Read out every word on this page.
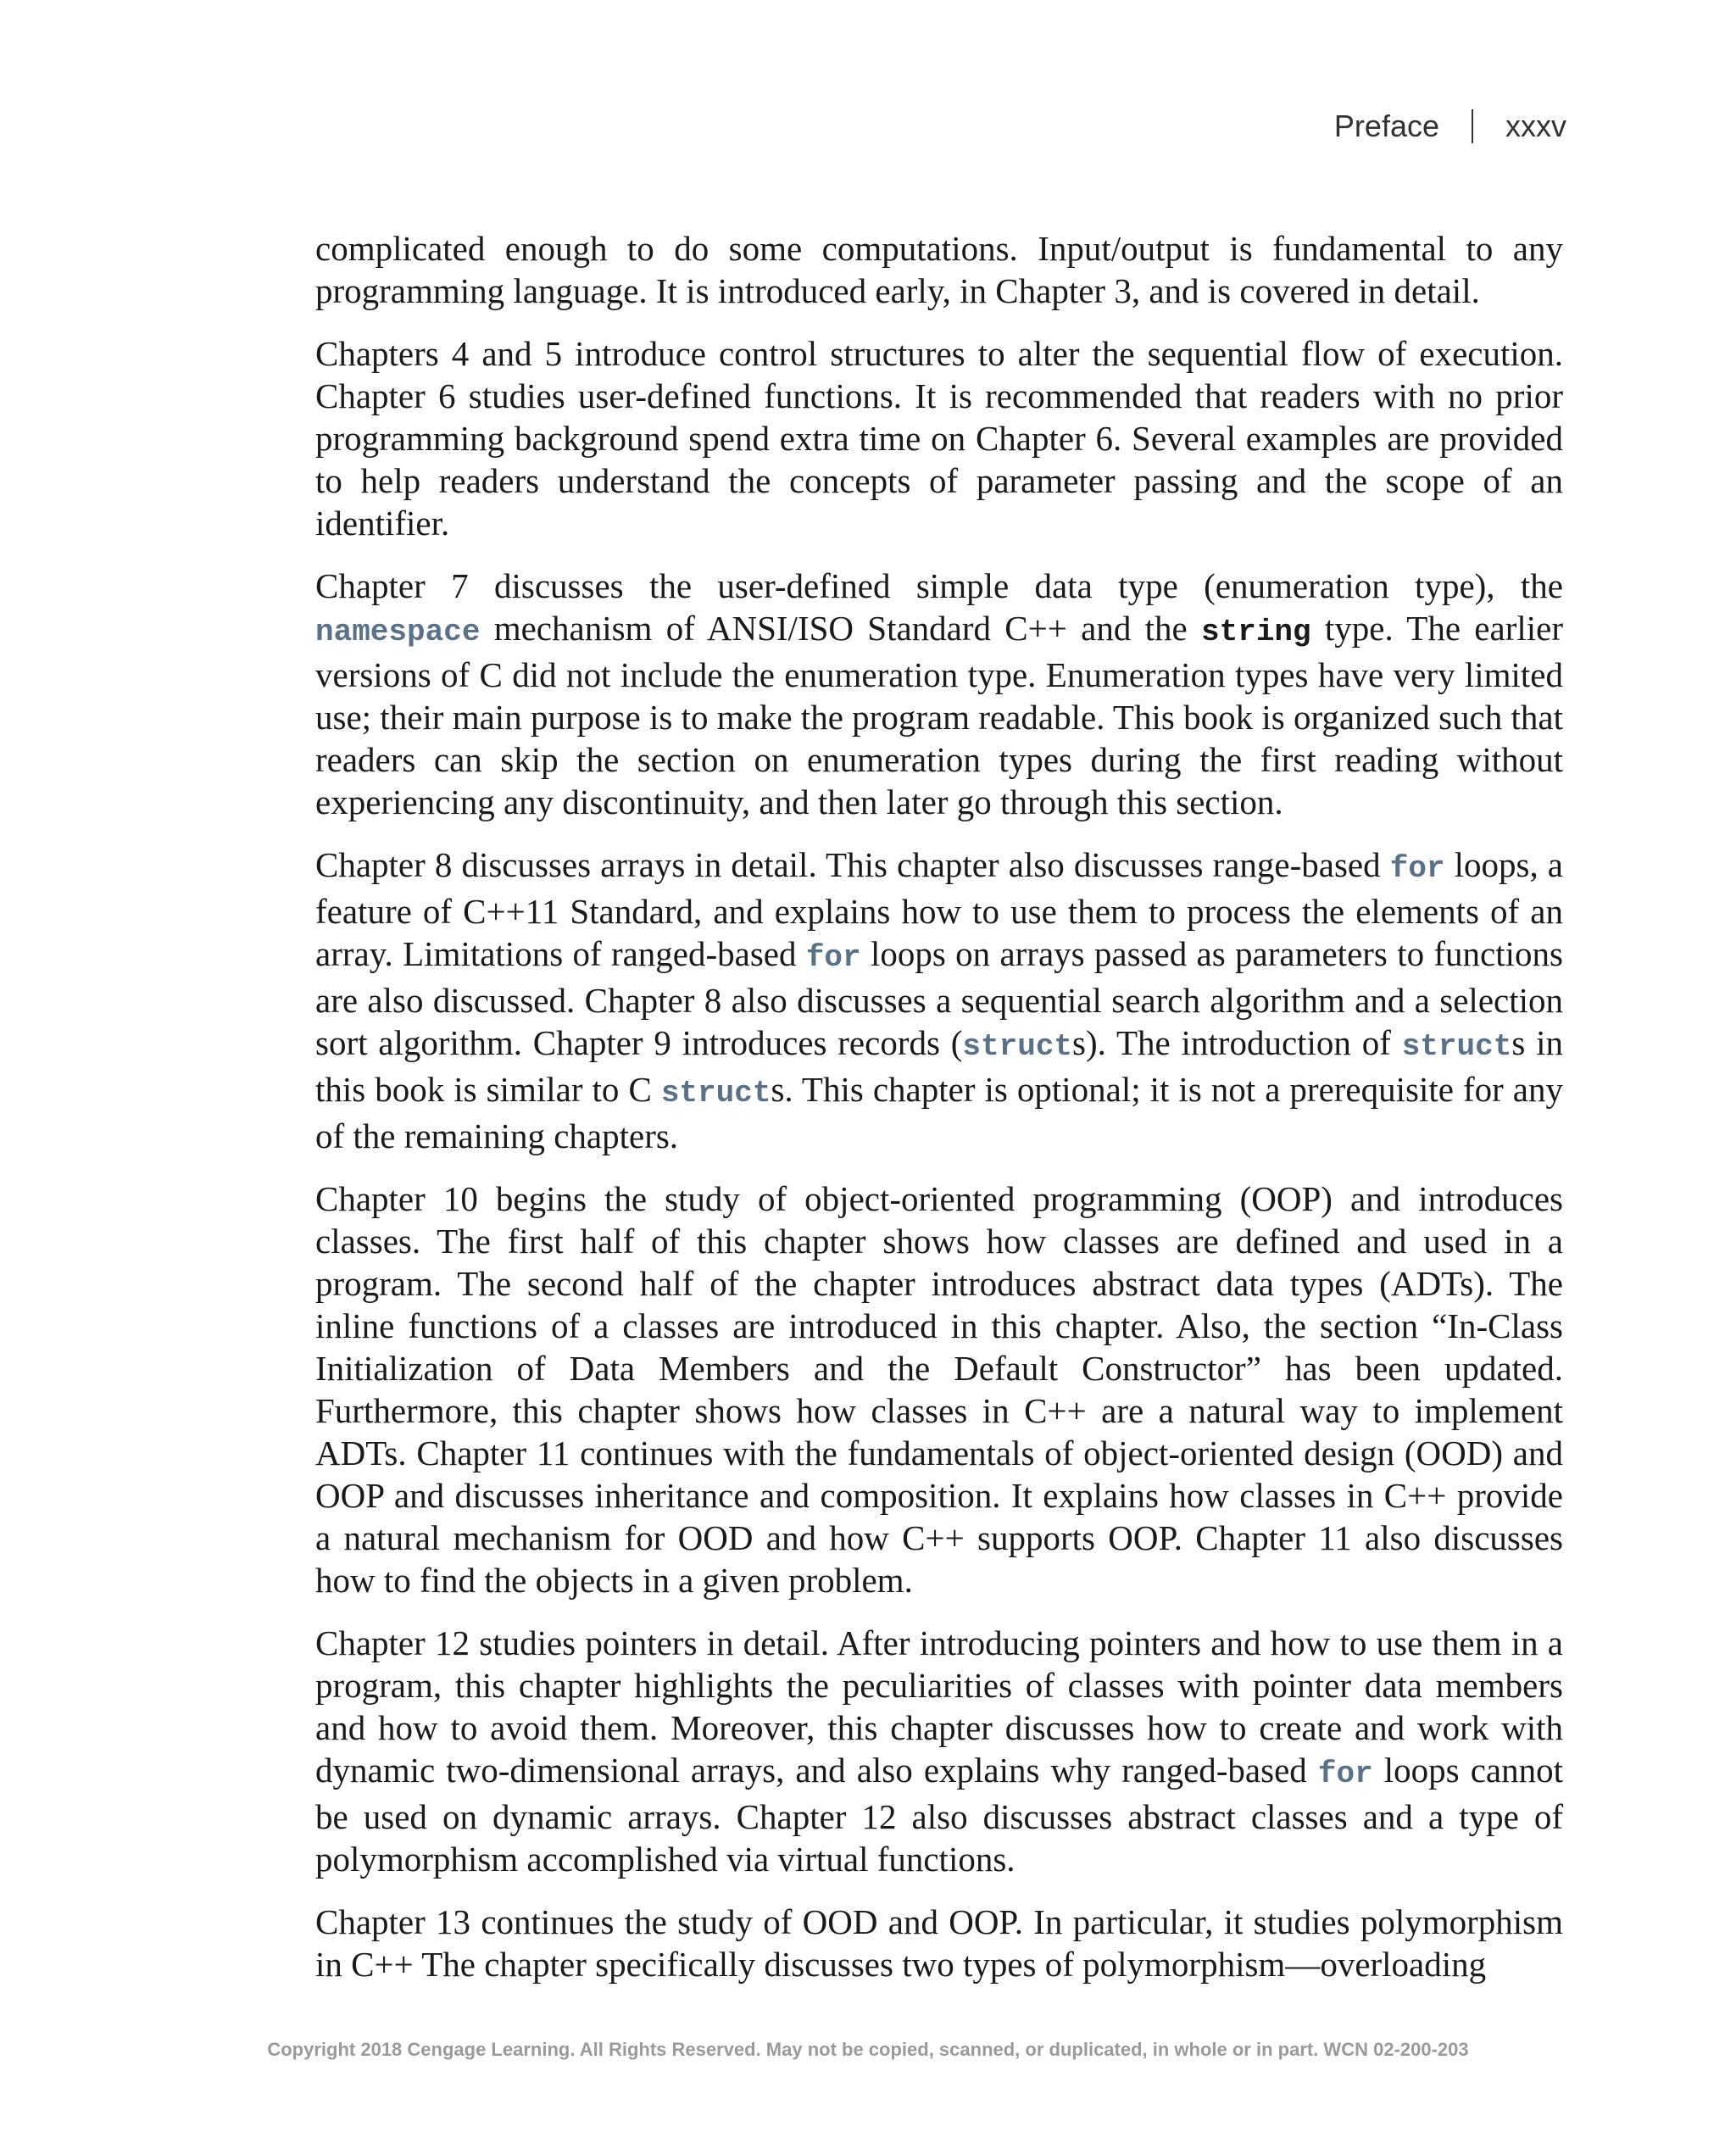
Preface xxxv

complicated enough to do some computations. Input/output is fundamental to any programming language. It is introduced early, in Chapter 3, and is covered in detail.

Chapters 4 and 5 introduce control structures to alter the sequential flow of execution. Chapter 6 studies user-defined functions. It is recommended that readers with no prior programming background spend extra time on Chapter 6. Several examples are provided to help readers understand the concepts of parameter passing and the scope of an identifier.

Chapter 7 discusses the user-defined simple data type (enumeration type), the namespace mechanism of ANSI/ISO Standard C++ and the string type. The earlier versions of C did not include the enumeration type. Enumeration types have very limited use; their main purpose is to make the program readable. This book is organized such that readers can skip the section on enumeration types during the first reading without experiencing any discontinuity, and then later go through this section.

Chapter 8 discusses arrays in detail. This chapter also discusses range-based for loops, a feature of C++11 Standard, and explains how to use them to process the elements of an array. Limitations of ranged-based for loops on arrays passed as parameters to functions are also discussed. Chapter 8 also discusses a sequential search algorithm and a selection sort algorithm. Chapter 9 introduces records (structs). The introduction of structs in this book is similar to C structs. This chapter is optional; it is not a prerequisite for any of the remaining chapters.

Chapter 10 begins the study of object-oriented programming (OOP) and introduces classes. The first half of this chapter shows how classes are defined and used in a program. The second half of the chapter introduces abstract data types (ADTs). The inline functions of a classes are introduced in this chapter. Also, the section “In-Class Initialization of Data Members and the Default Constructor” has been updated. Furthermore, this chapter shows how classes in C++ are a natural way to implement ADTs. Chapter 11 continues with the fundamentals of object-oriented design (OOD) and OOP and discusses inheritance and composition. It explains how classes in C++ provide a natural mechanism for OOD and how C++ supports OOP. Chapter 11 also discusses how to find the objects in a given problem.

Chapter 12 studies pointers in detail. After introducing pointers and how to use them in a program, this chapter highlights the peculiarities of classes with pointer data members and how to avoid them. Moreover, this chapter discusses how to create and work with dynamic two-dimensional arrays, and also explains why ranged-based for loops cannot be used on dynamic arrays. Chapter 12 also discusses abstract classes and a type of polymorphism accomplished via virtual functions.

Chapter 13 continues the study of OOD and OOP. In particular, it studies polymorphism in C++ The chapter specifically discusses two types of polymorphism—overloading

Copyright 2018 Cengage Learning. All Rights Reserved. May not be copied, scanned, or duplicated, in whole or in part. WCN 02-200-203
